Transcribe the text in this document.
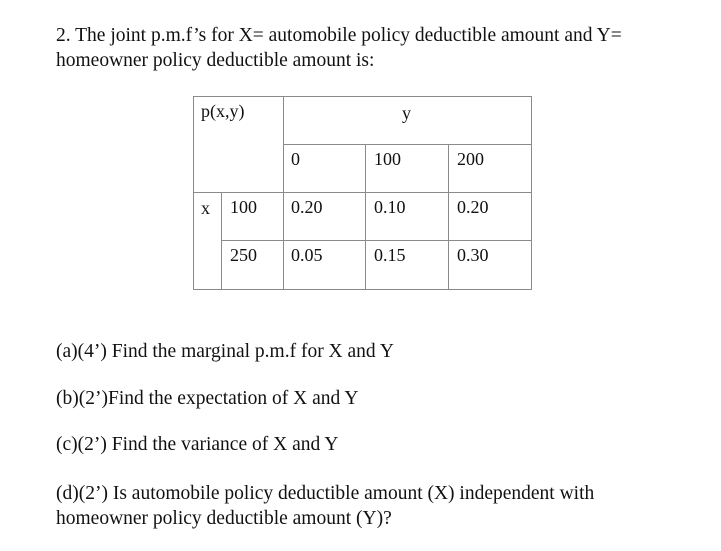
2. The joint p.m.f’s for X= automobile policy deductible amount and Y=
homeowner policy deductible amount is:
p(x,y)	y
0	100	200
x 100 0.20	0.10	0.20
250 0.05	0.15	0.30
(a)(4’) Find the marginal p.m.f for X and Y
(b)(2’)Find the expectation of X and Y
(c)(2’) Find the variance of X and Y
(d)(2’) Is automobile policy deductible amount (X) independent with
homeowner policy deductible amount (Y)?
